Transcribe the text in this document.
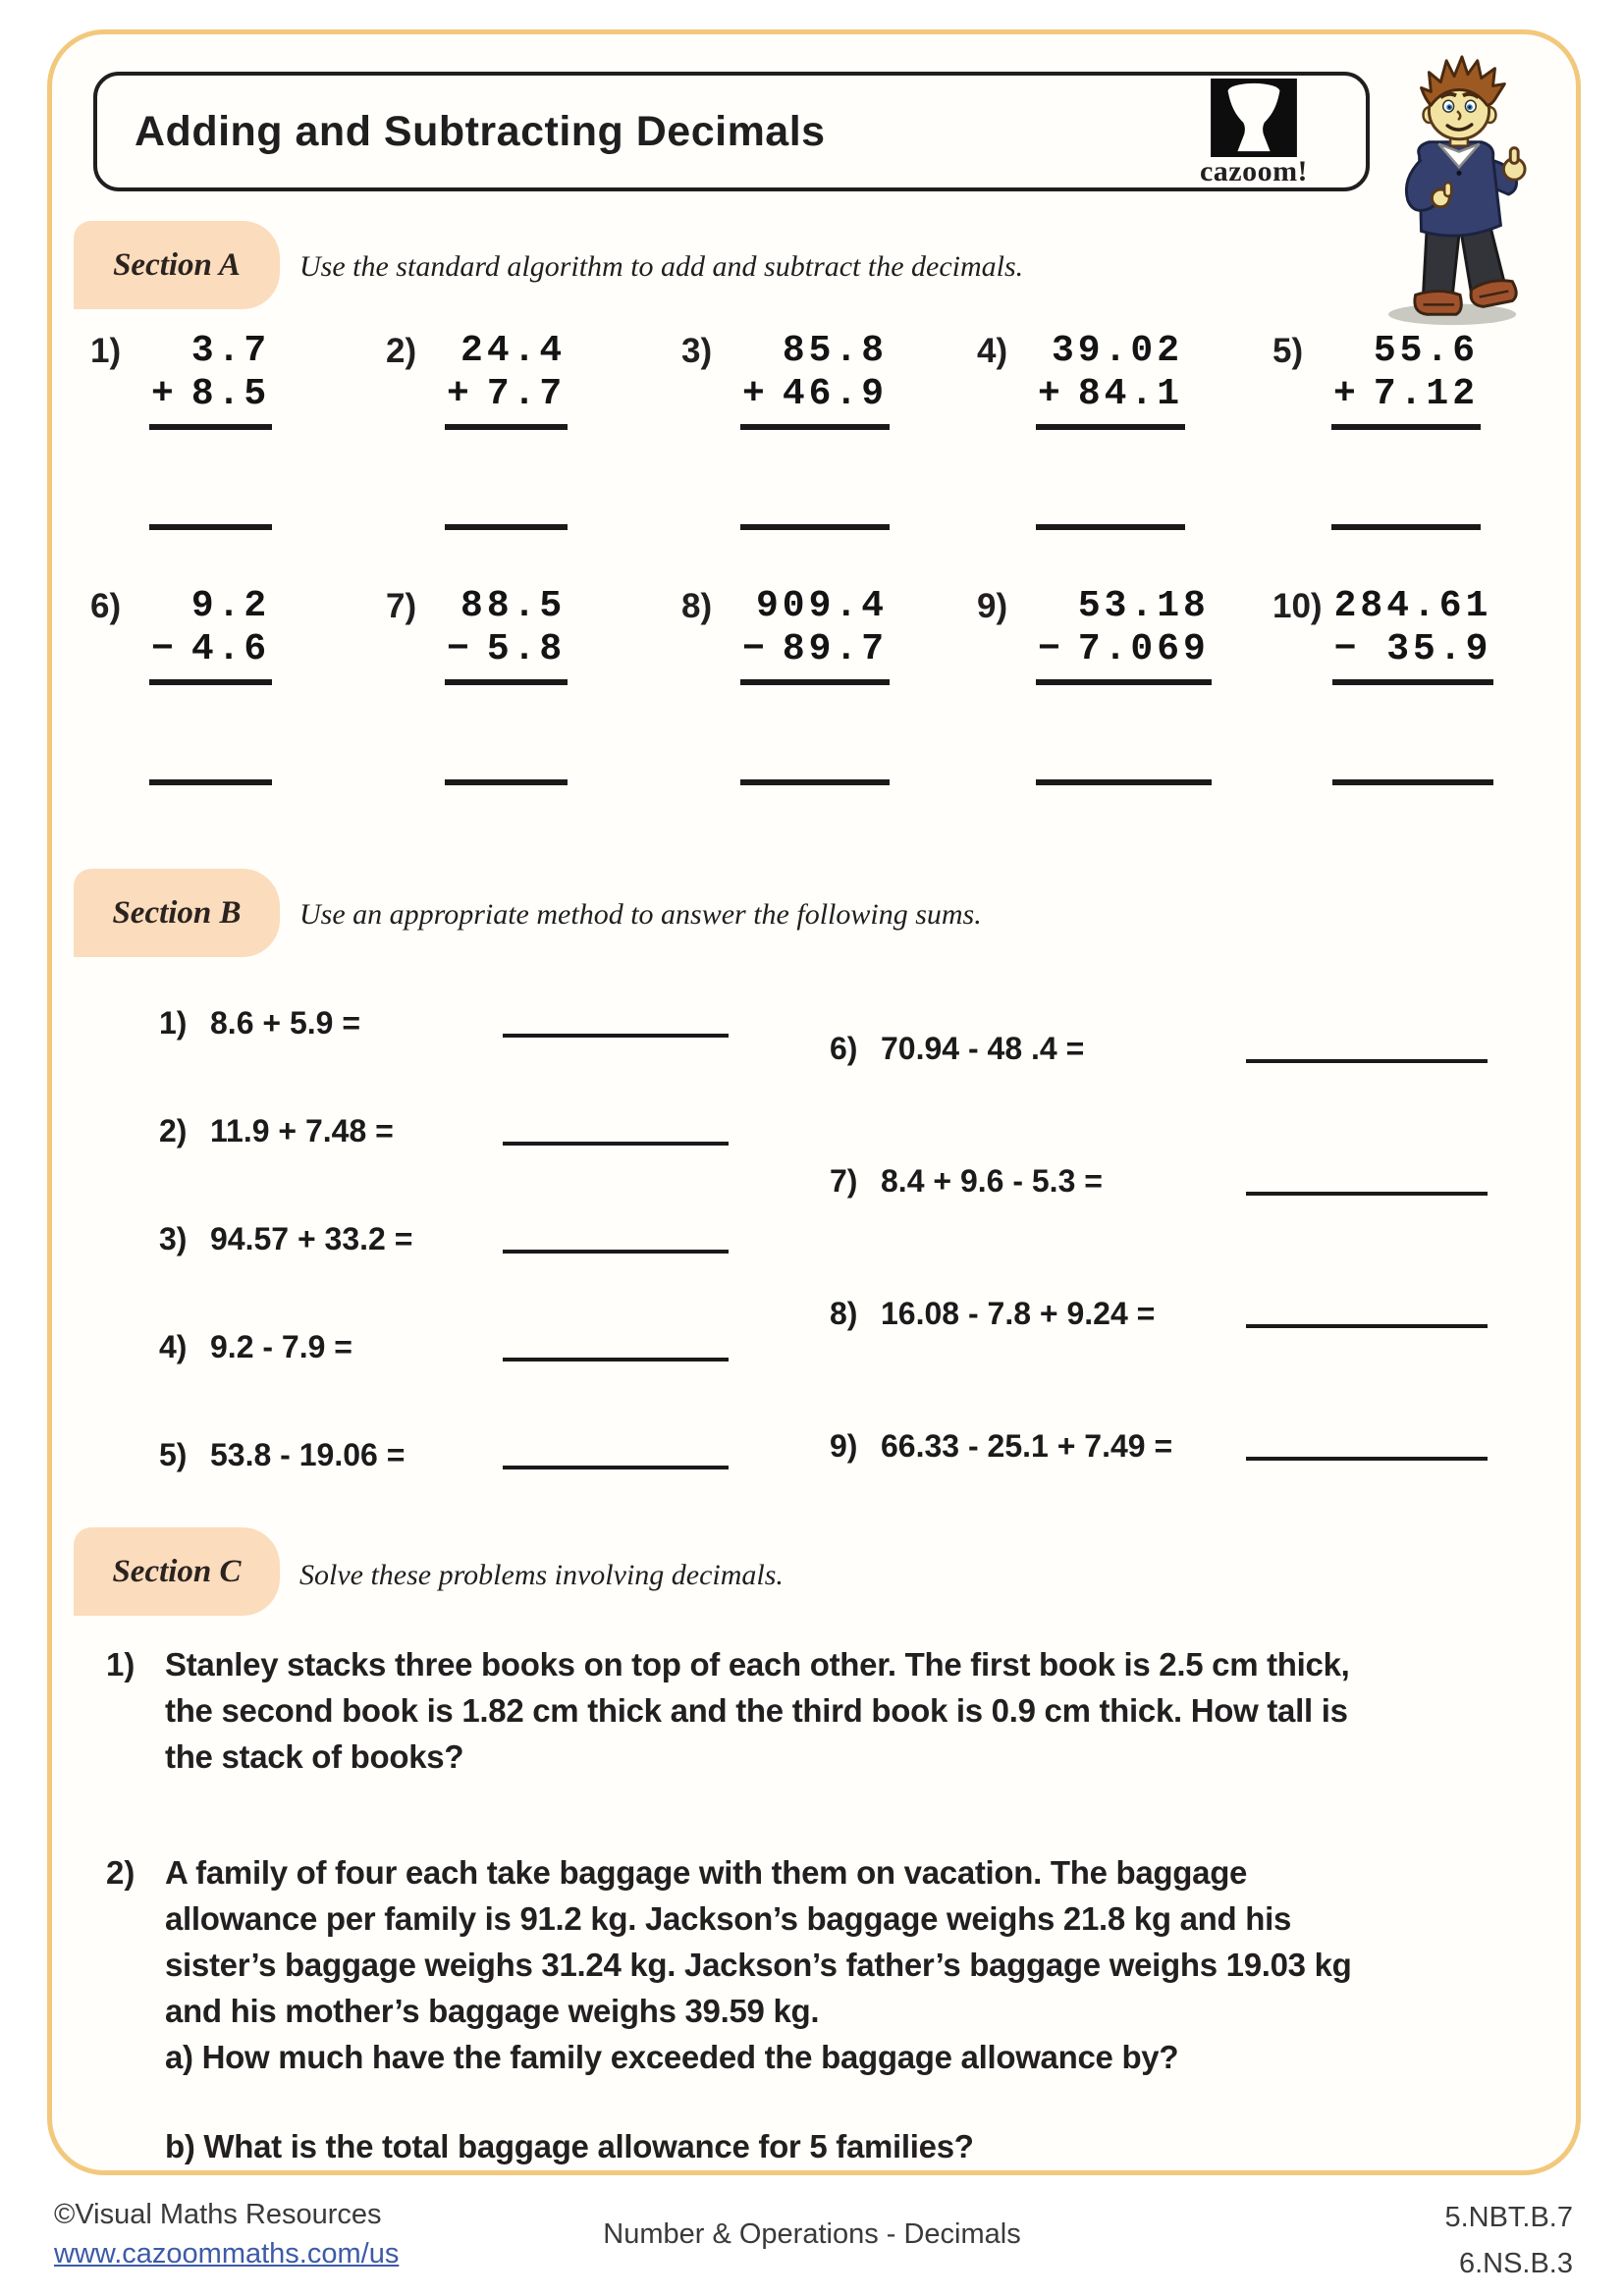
Adding and Subtracting Decimals
cazoom!
Section A	Use the standard algorithm to add and subtract the decimals.
1)	3.7
+ 8.5
2)	24.4
+ 7.7
3)	85.8
+ 46.9
4)	39.02
+ 84.1
5)	55.6
+ 7.12
6)	9.2
− 4.6
7)	88.5
− 5.8
8)	909.4
− 89.7
9)	53.18
− 7.069
10) 284.61
− 35.9
Section B	Use an appropriate method to answer the following sums.
1) 8.6 + 5.9 =
2) 11.9 + 7.48 =
3) 94.57 + 33.2 =
4) 9.2 - 7.9 =
5) 53.8 - 19.06 =
6) 70.94 - 48 .4 =
7) 8.4 + 9.6 - 5.3 =
8) 16.08 - 7.8 + 9.24 =
9) 66.33 - 25.1 + 7.49 =
Section C	Solve these problems involving decimals.
1) Stanley stacks three books on top of each other. The first book is 2.5 cm thick,
the second book is 1.82 cm thick and the third book is 0.9 cm thick. How tall is
the stack of books?
2) A family of four each take baggage with them on vacation. The baggage
allowance per family is 91.2 kg. Jackson’s baggage weighs 21.8 kg and his
sister’s baggage weighs 31.24 kg. Jackson’s father’s baggage weighs 19.03 kg
and his mother’s baggage weighs 39.59 kg.
a) How much have the family exceeded the baggage allowance by?
b) What is the total baggage allowance for 5 families?
©Visual Maths Resources
www.cazoommaths.com/us
Number & Operations - Decimals
5.NBT.B.7
6.NS.B.3
